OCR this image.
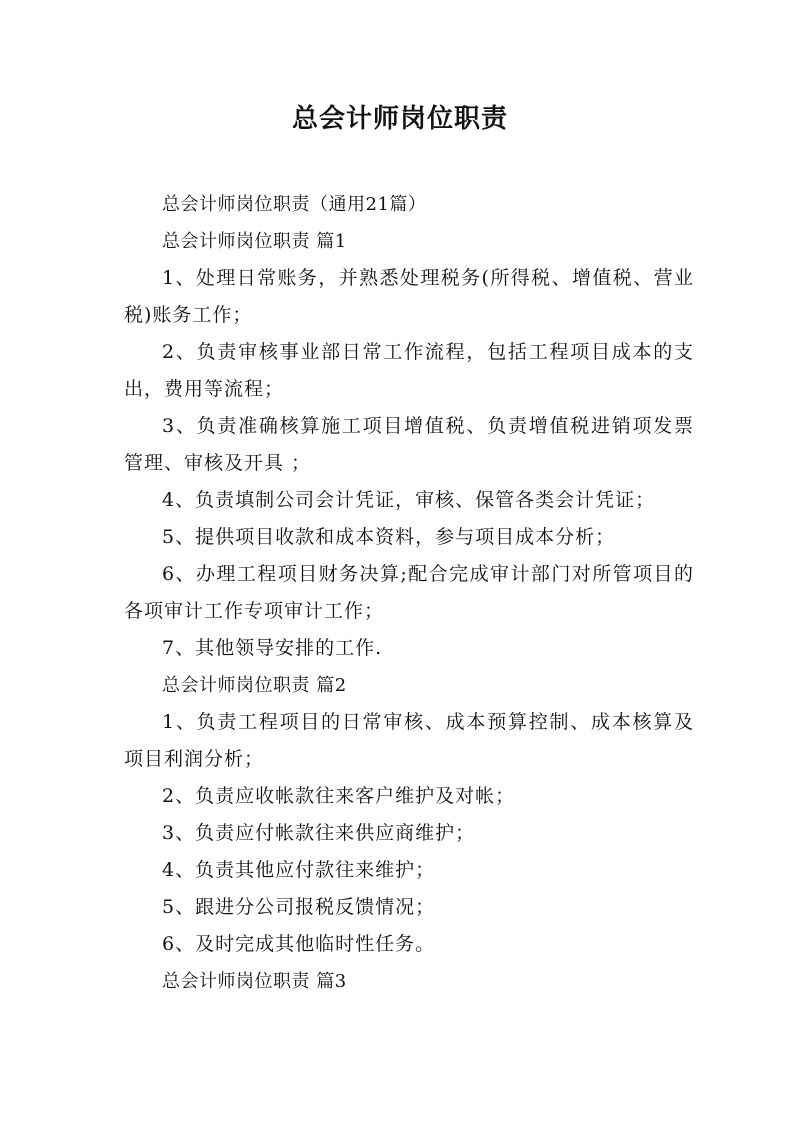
总会计师岗位职责

总会计师岗位职责（通用21篇）

总会计师岗位职责 篇1

1、处理日常账务，并熟悉处理税务(所得税、增值税、营业税)账务工作；

2、负责审核事业部日常工作流程，包括工程项目成本的支出，费用等流程；

3、负责准确核算施工项目增值税、负责增值税进销项发票管理、审核及开具 ；

4、负责填制公司会计凭证，审核、保管各类会计凭证；

5、提供项目收款和成本资料，参与项目成本分析；

6、办理工程项目财务决算;配合完成审计部门对所管项目的各项审计工作专项审计工作；

7、其他领导安排的工作.

总会计师岗位职责 篇2

1、负责工程项目的日常审核、成本预算控制、成本核算及项目利润分析；

2、负责应收帐款往来客户维护及对帐；

3、负责应付帐款往来供应商维护；

4、负责其他应付款往来维护；

5、跟进分公司报税反馈情况；

6、及时完成其他临时性任务。

总会计师岗位职责 篇3
